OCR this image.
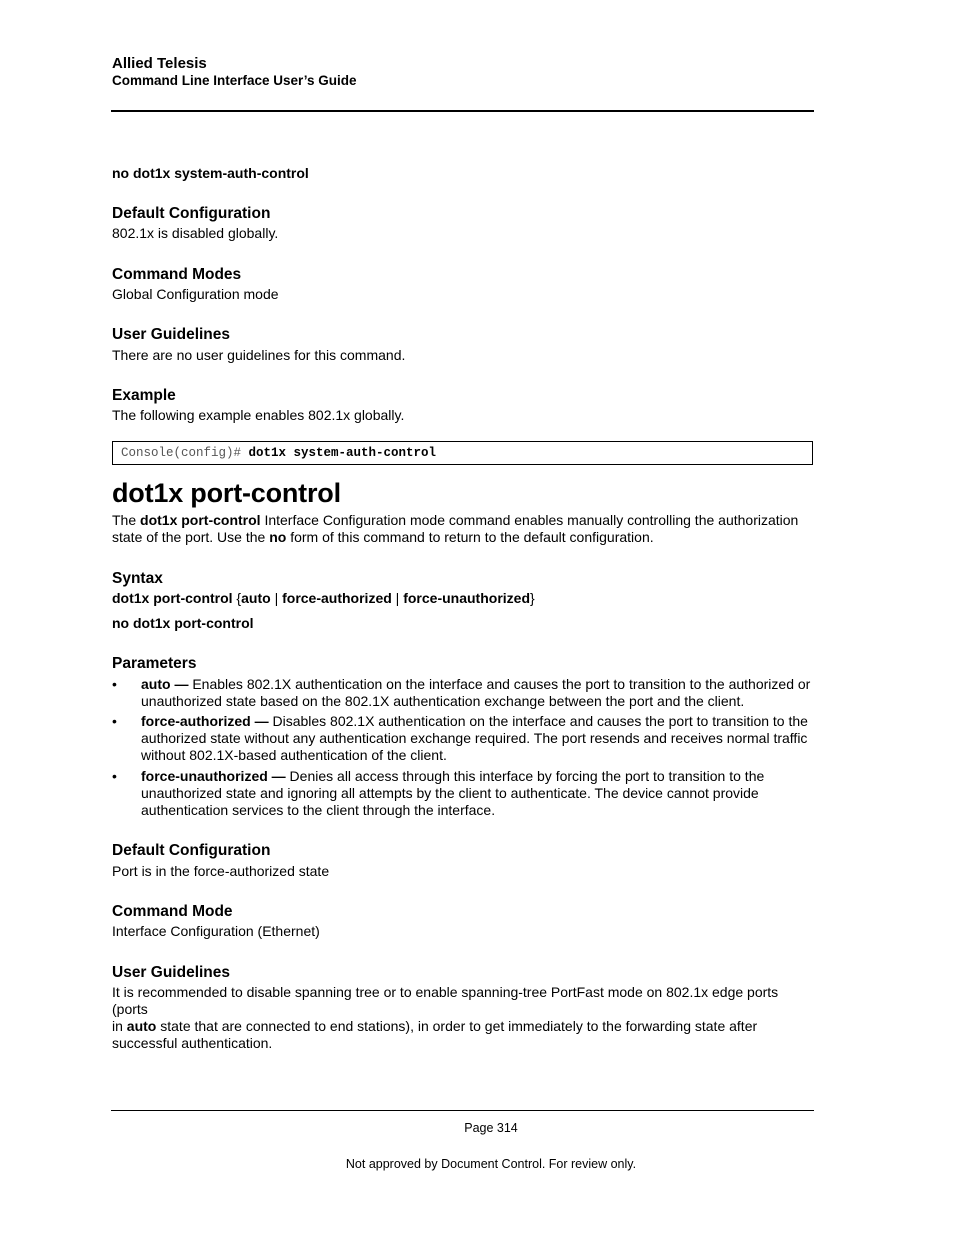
Allied Telesis
Command Line Interface User’s Guide
no dot1x system-auth-control
Default Configuration
802.1x is disabled globally.
Command Modes
Global Configuration mode
User Guidelines
There are no user guidelines for this command.
Example
The following example enables 802.1x globally.
Console(config)# dot1x system-auth-control
dot1x port-control
The dot1x port-control Interface Configuration mode command enables manually controlling the authorization
state of the port. Use the no form of this command to return to the default configuration.
Syntax
dot1x port-control {auto | force-authorized | force-unauthorized}
no dot1x port-control
Parameters
• auto — Enables 802.1X authentication on the interface and causes the port to transition to the authorized or
unauthorized state based on the 802.1X authentication exchange between the port and the client.
• force-authorized — Disables 802.1X authentication on the interface and causes the port to transition to the
authorized state without any authentication exchange required. The port resends and receives normal traffic
without 802.1X-based authentication of the client.
• force-unauthorized — Denies all access through this interface by forcing the port to transition to the
unauthorized state and ignoring all attempts by the client to authenticate. The device cannot provide
authentication services to the client through the interface.
Default Configuration
Port is in the force-authorized state
Command Mode
Interface Configuration (Ethernet)
User Guidelines
It is recommended to disable spanning tree or to enable spanning-tree PortFast mode on 802.1x edge ports (ports
in auto state that are connected to end stations), in order to get immediately to the forwarding state after
successful authentication.
Page 314
Not approved by Document Control. For review only.
